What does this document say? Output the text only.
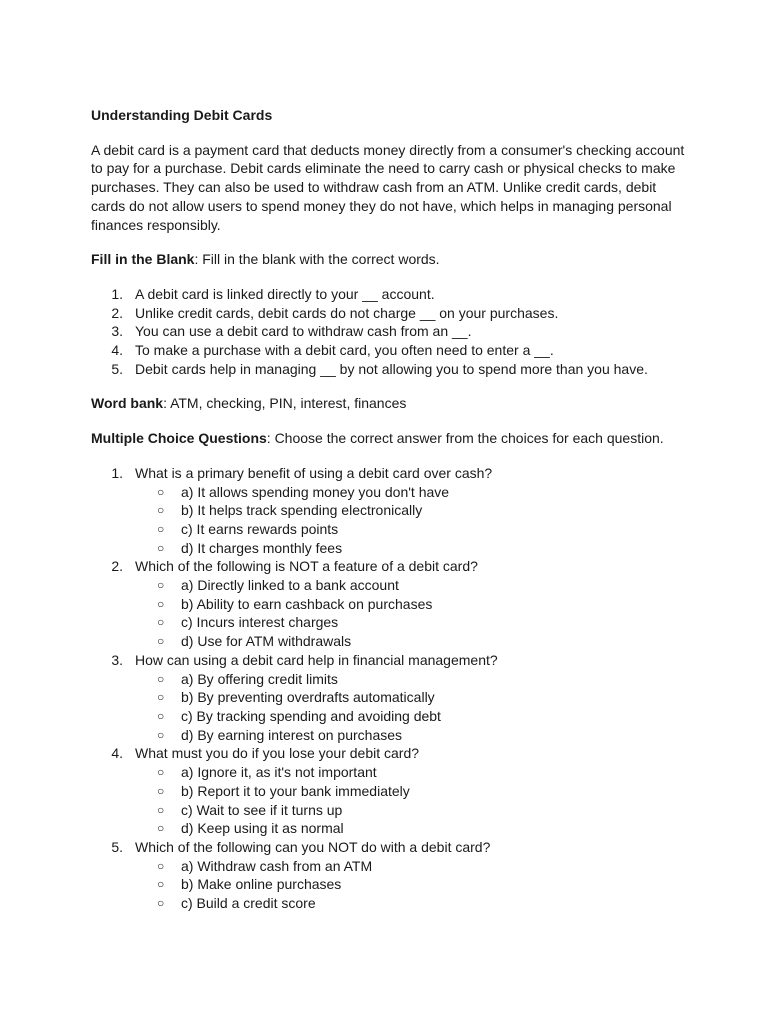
Understanding Debit Cards

A debit card is a payment card that deducts money directly from a consumer's checking account to pay for a purchase. Debit cards eliminate the need to carry cash or physical checks to make purchases. They can also be used to withdraw cash from an ATM. Unlike credit cards, debit cards do not allow users to spend money they do not have, which helps in managing personal finances responsibly.

Fill in the Blank: Fill in the blank with the correct words.

1. A debit card is linked directly to your __ account.
2. Unlike credit cards, debit cards do not charge __ on your purchases.
3. You can use a debit card to withdraw cash from an __.
4. To make a purchase with a debit card, you often need to enter a __.
5. Debit cards help in managing __ by not allowing you to spend more than you have.

Word bank: ATM, checking, PIN, interest, finances

Multiple Choice Questions: Choose the correct answer from the choices for each question.

1. What is a primary benefit of using a debit card over cash?
○ a) It allows spending money you don't have
○ b) It helps track spending electronically
○ c) It earns rewards points
○ d) It charges monthly fees
2. Which of the following is NOT a feature of a debit card?
○ a) Directly linked to a bank account
○ b) Ability to earn cashback on purchases
○ c) Incurs interest charges
○ d) Use for ATM withdrawals
3. How can using a debit card help in financial management?
○ a) By offering credit limits
○ b) By preventing overdrafts automatically
○ c) By tracking spending and avoiding debt
○ d) By earning interest on purchases
4. What must you do if you lose your debit card?
○ a) Ignore it, as it's not important
○ b) Report it to your bank immediately
○ c) Wait to see if it turns up
○ d) Keep using it as normal
5. Which of the following can you NOT do with a debit card?
○ a) Withdraw cash from an ATM
○ b) Make online purchases
○ c) Build a credit score
